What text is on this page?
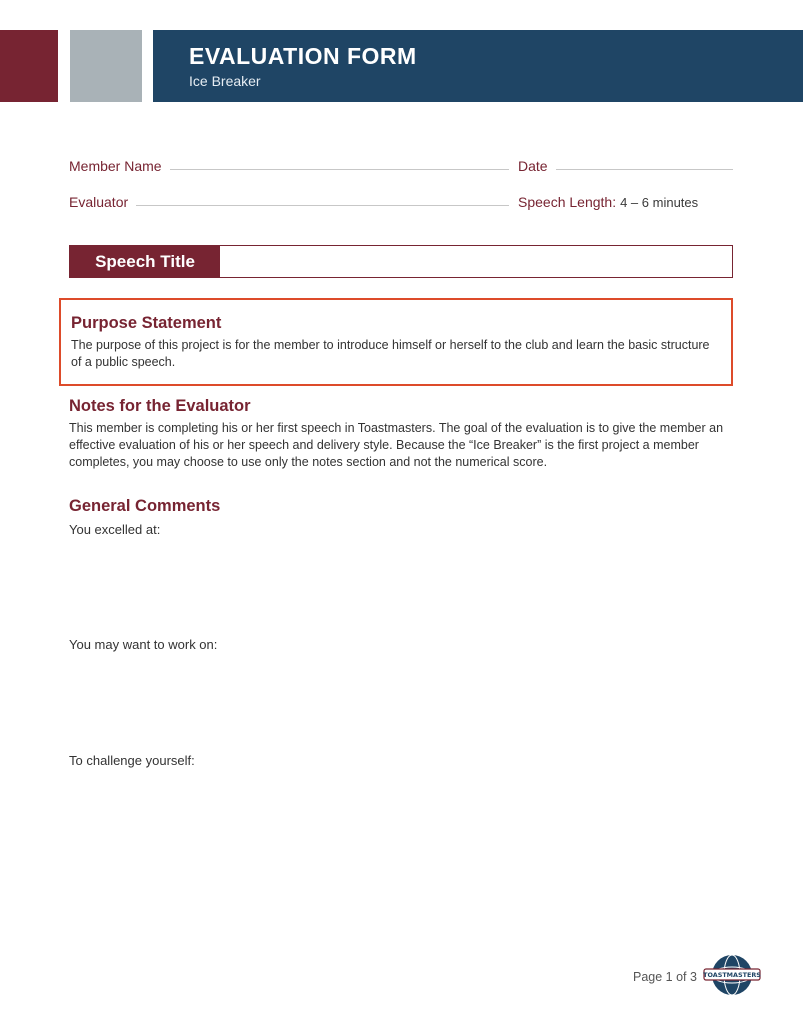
EVALUATION FORM
Ice Breaker
Member Name	Date
Evaluator	Speech Length: 4 – 6 minutes
Speech Title

Purpose Statement

The purpose of this project is for the member to introduce himself or herself to the club and learn the basic structure of a public speech.

Notes for the Evaluator

This member is completing his or her first speech in Toastmasters. The goal of the evaluation is to give the member an effective evaluation of his or her speech and delivery style. Because the “Ice Breaker” is the first project a member completes, you may choose to use only the notes section and not the numerical score.

General Comments

You excelled at:
You may want to work on:
To challenge yourself:
Page 1 of 3 TOASTMASTERS
